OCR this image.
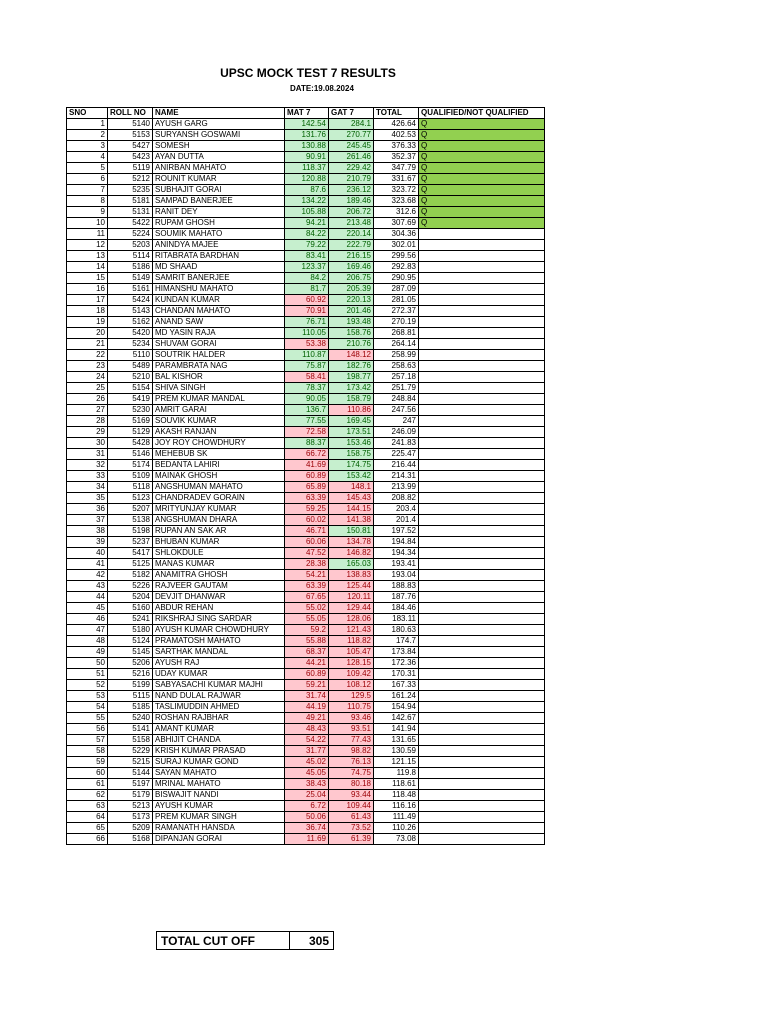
UPSC MOCK TEST 7 RESULTS
DATE:19.08.2024
SNO	ROLL NO	NAME	MAT 7	GAT 7	TOTAL	QUALIFIED/NOT QUALIFIED
1	5140	AYUSH GARG	142.54	284.1	426.64	Q
2	5153	SURYANSH GOSWAMI	131.76	270.77	402.53	Q
3	5427	SOMESH	130.88	245.45	376.33	Q
4	5423	AYAN DUTTA	90.91	261.46	352.37	Q
5	5119	ANIRBAN MAHATO	118.37	229.42	347.79	Q
6	5212	ROUNIT KUMAR	120.88	210.79	331.67	Q
7	5235	SUBHAJIT GORAI	87.6	236.12	323.72	Q
8	5181	SAMPAD BANERJEE	134.22	189.46	323.68	Q
9	5131	RANIT DEY	105.88	206.72	312.6	Q
10	5422	RUPAM GHOSH	94.21	213.48	307.69	Q
11	5224	SOUMIK MAHATO	84.22	220.14	304.36	
12	5203	ANINDYA MAJEE	79.22	222.79	302.01	
13	5114	RITABRATA BARDHAN	83.41	216.15	299.56	
14	5186	MD SHAAD	123.37	169.46	292.83	
15	5149	SAMRIT BANERJEE	84.2	206.75	290.95	
16	5161	HIMANSHU MAHATO	81.7	205.39	287.09	
17	5424	KUNDAN KUMAR	60.92	220.13	281.05	
18	5143	CHANDAN MAHATO	70.91	201.46	272.37	
19	5162	ANAND SAW	76.71	193.48	270.19	
20	5420	MD YASIN RAJA	110.05	158.76	268.81	
21	5234	SHUVAM GORAI	53.38	210.76	264.14	
22	5110	SOUTRIK HALDER	110.87	148.12	258.99	
23	5489	PARAMBRATA NAG	75.87	182.76	258.63	
24	5210	BAL KISHOR	58.41	198.77	257.18	
25	5154	SHIVA SINGH	78.37	173.42	251.79	
26	5419	PREM KUMAR MANDAL	90.05	158.79	248.84	
27	5230	AMRIT GARAI	136.7	110.86	247.56	
28	5169	SOUVIK KUMAR	77.55	169.45	247	
29	5129	AKASH RANJAN	72.58	173.51	246.09	
30	5428	JOY ROY CHOWDHURY	88.37	153.46	241.83	
31	5146	MEHEBUB SK	66.72	158.75	225.47	
32	5174	BEDANTA LAHIRI	41.69	174.75	216.44	
33	5109	MAINAK GHOSH	60.89	153.42	214.31	
34	5118	ANGSHUMAN MAHATO	65.89	148.1	213.99	
35	5123	CHANDRADEV GORAIN	63.39	145.43	208.82	
36	5207	MRITYUNJAY KUMAR	59.25	144.15	203.4	
37	5138	ANGSHUMAN DHARA	60.02	141.38	201.4	
38	5198	RUPAN AN SAK AR	46.71	150.81	197.52	
39	5237	BHUBAN KUMAR	60.06	134.78	194.84	
40	5417	SHLOKDULE	47.52	146.82	194.34	
41	5125	MANAS KUMAR	28.38	165.03	193.41	
42	5182	ANAMITRA GHOSH	54.21	138.83	193.04	
43	5226	RAJVEER GAUTAM	63.39	125.44	188.83	
44	5204	DEVJIT DHANWAR	67.65	120.11	187.76	
45	5160	ABDUR REHAN	55.02	129.44	184.46	
46	5241	RIKSHRAJ SING SARDAR	55.05	128.06	183.11	
47	5180	AYUSH KUMAR CHOWDHURY	59.2	121.43	180.63	
48	5124	PRAMATOSH MAHATO	55.88	118.82	174.7	
49	5145	SARTHAK MANDAL	68.37	105.47	173.84	
50	5206	AYUSH RAJ	44.21	128.15	172.36	
51	5216	UDAY KUMAR	60.89	109.42	170.31	
52	5199	SABYASACHI KUMAR MAJHI	59.21	108.12	167.33	
53	5115	NAND DULAL RAJWAR	31.74	129.5	161.24	
54	5185	TASLIMUDDIN AHMED	44.19	110.75	154.94	
55	5240	ROSHAN RAJBHAR	49.21	93.46	142.67	
56	5141	AMANT KUMAR	48.43	93.51	141.94	
57	5158	ABHIJIT CHANDA	54.22	77.43	131.65	
58	5229	KRISH KUMAR PRASAD	31.77	98.82	130.59	
59	5215	SURAJ KUMAR GOND	45.02	76.13	121.15	
60	5144	SAYAN MAHATO	45.05	74.75	119.8	
61	5197	MRINAL MAHATO	38.43	80.18	118.61	
62	5179	BISWAJIT NANDI	25.04	93.44	118.48	
63	5213	AYUSH KUMAR	6.72	109.44	116.16	
64	5173	PREM KUMAR SINGH	50.06	61.43	111.49	
65	5209	RAMANATH HANSDA	36.74	73.52	110.26	
66	5168	DIPANJAN GORAI	11.69	61.39	73.08	
TOTAL CUT OFF	305
